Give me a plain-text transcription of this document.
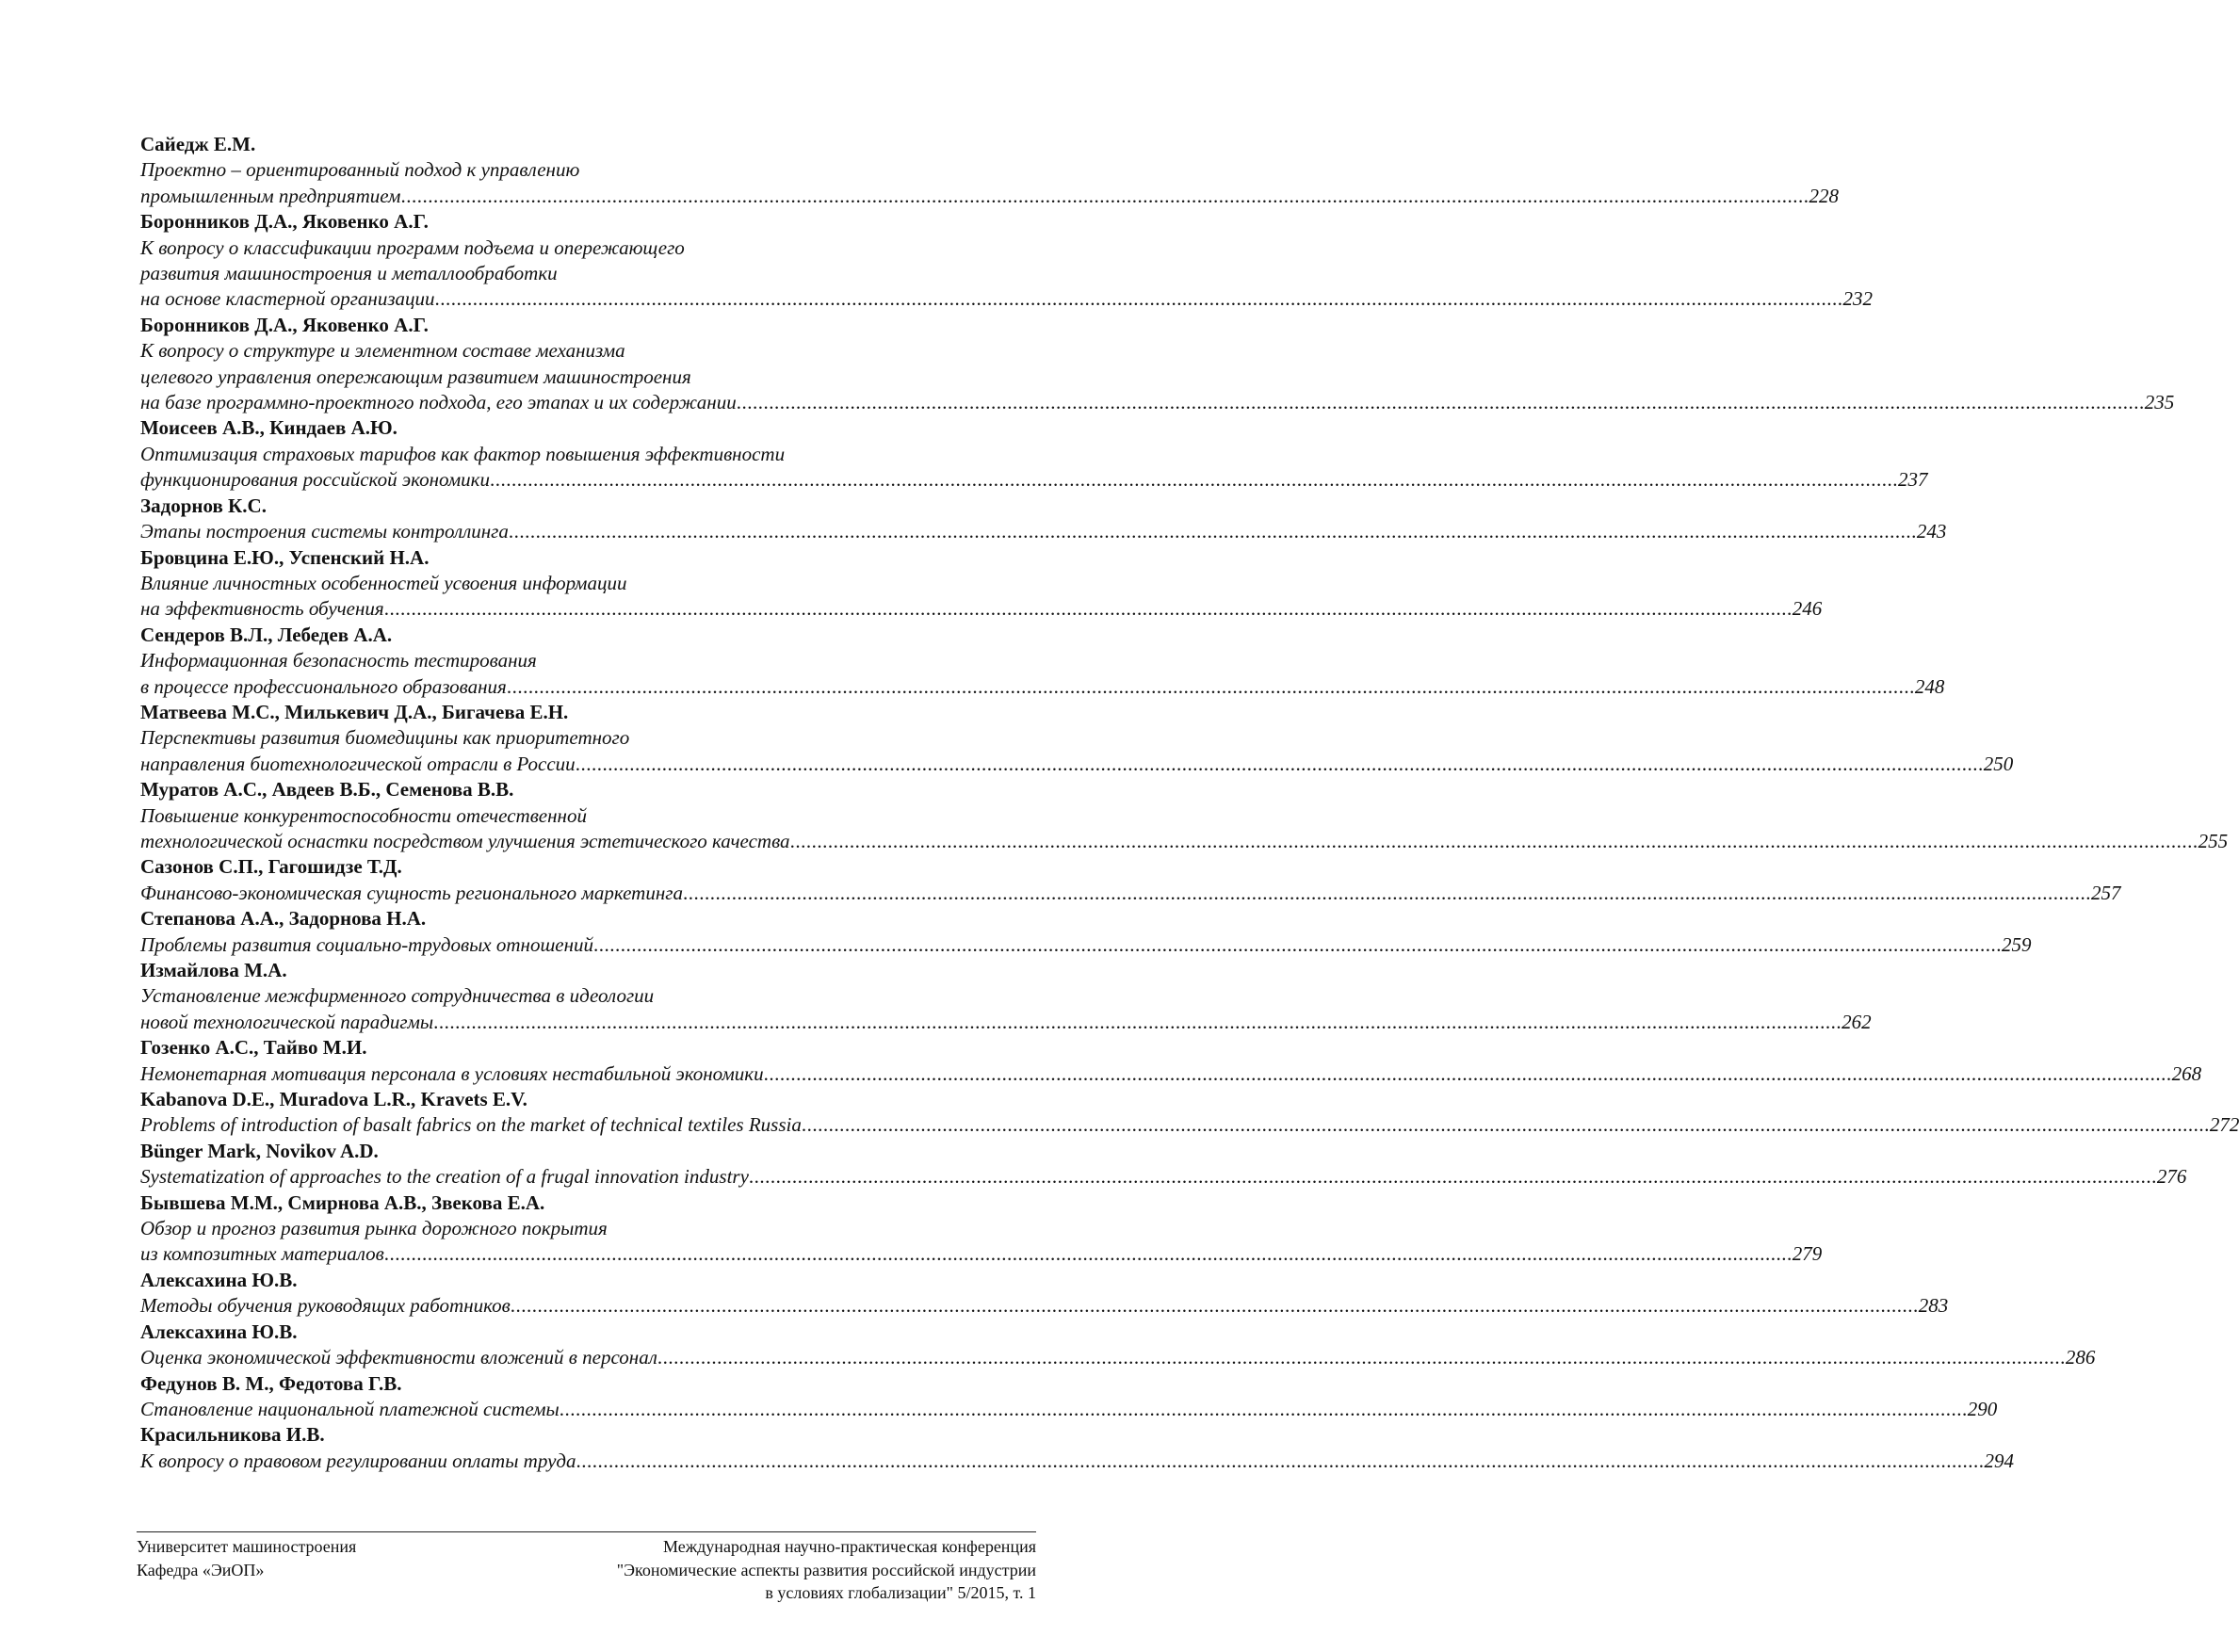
Сайедж Е.М.
Проектно – ориентированный подход к управлению
промышленным предприятием .................................................................................................................................................................................................................................................................... 228
Боронников Д.А., Яковенко А.Г.
К вопросу о классификации программ подъема и опережающего
развития машиностроения и металлообработки
на основе кластерной организации .................................................................................................................................................................................................................................................................... 232
Боронников Д.А., Яковенко А.Г.
К вопросу о структуре и элементном составе механизма
целевого управления опережающим развитием машиностроения
на базе программно-проектного подхода, его этапах и их содержании .................................................................................................................................................................................................................................................................... 235
Моисеев А.В., Киндаев А.Ю.
Оптимизация страховых тарифов как фактор повышения эффективности
функционирования российской экономики .................................................................................................................................................................................................................................................................... 237
Задорнов К.С.
Этапы построения системы контроллинга .................................................................................................................................................................................................................................................................... 243
Бровцина Е.Ю., Успенский Н.А.
Влияние личностных особенностей усвоения информации
на эффективность обучения .................................................................................................................................................................................................................................................................... 246
Сендеров В.Л., Лебедев А.А.
Информационная безопасность тестирования
в процессе профессионального образования .................................................................................................................................................................................................................................................................... 248
Матвеева М.С., Милькевич Д.А., Бигачева Е.Н.
Перспективы развития биомедицины как приоритетного
направления биотехнологической отрасли в России .................................................................................................................................................................................................................................................................... 250
Муратов А.С., Авдеев В.Б., Семенова В.В.
Повышение конкурентоспособности отечественной
технологической оснастки посредством улучшения эстетического качества .................................................................................................................................................................................................................................................................... 255
Сазонов С.П., Гагошидзе Т.Д.
Финансово-экономическая сущность регионального маркетинга .................................................................................................................................................................................................................................................................... 257
Степанова А.А., Задорнова Н.А.
Проблемы развития социально-трудовых отношений .................................................................................................................................................................................................................................................................... 259
Измайлова М.А.
Установление межфирменного сотрудничества в идеологии
новой технологической парадигмы .................................................................................................................................................................................................................................................................... 262
Гозенко А.С., Тайво М.И.
Немонетарная мотивация персонала в условиях нестабильной экономики .................................................................................................................................................................................................................................................................... 268
Kabanova D.E., Muradova L.R., Kravets E.V.
Problems of introduction of basalt fabrics on the market of technical textiles Russia .................................................................................................................................................................................................................................................................... 272
Bünger Mark, Novikov A.D.
Systematization of approaches to the creation of a frugal innovation industry .................................................................................................................................................................................................................................................................... 276
Бывшева М.М., Смирнова А.В., Звекова Е.А.
Обзор и прогноз развития рынка дорожного покрытия
из композитных материалов .................................................................................................................................................................................................................................................................... 279
Алексахина Ю.В.
Методы обучения руководящих работников .................................................................................................................................................................................................................................................................... 283
Алексахина Ю.В.
Оценка экономической эффективности вложений в персонал .................................................................................................................................................................................................................................................................... 286
Федунов В. М., Федотова Г.В.
Становление национальной платежной системы .................................................................................................................................................................................................................................................................... 290
Красильникова И.В.
К вопросу о правовом регулировании оплаты труда .................................................................................................................................................................................................................................................................... 294
Университет машиностроения
Кафедра «ЭиОП»
Международная научно-практическая конференция
"Экономические аспекты развития российской индустрии
в условиях глобализации" 5/2015, т. 1
